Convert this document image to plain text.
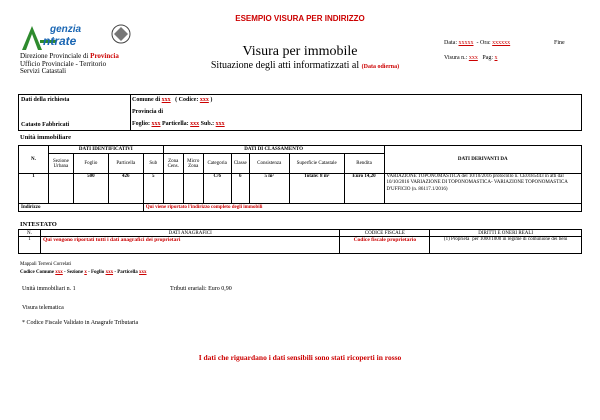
ESEMPIO VISURA PER INDIRIZZO
genzia
ntrate
Direzione Provinciale di Provincia
Ufficio Provinciale - Territorio
Servizi Catastali
Visura per immobile
Situazione degli atti informatizzati al (Data odierna)
Data: xxxxx - Ora: xxxxxx	Fine
Visura n.: xxx Pag: x
Dati della richiesta
Catasto Fabbricati
Comune di xxx ( Codice: xxx )
Provincia di
Foglio: xxx Particella: xxx Sub.: xxx
Unità immobiliare
N.	DATI IDENTIFICATIVI				DATI DI CLASSAMENTO							DATI DERIVANTI DA
	Sezione Urbana	Foglio	Particella	Sub	Zona Cens.	Micro Zona	Categoria	Classe	Consistenza	Superficie Catastale	Rendita	
1		500	426	5			C/6	6	5 m²	Totale: 8 m²	Euro 14,20	VARIAZIONE TOPONOMASTICA del 10/10/2016 protocollo n. CE0185443 in atti dal 10/10/2016 VARIAZIONE DI TOPONOMASTICA- VARIAZIONE TOPONOMASTICA D'UFFICIO (n. 86117.1/2016)
Indirizzo				Qui viene riportato l'indirizzo completo degli immobili								
INTESTATO
N.	DATI ANAGRAFICI	CODICE FISCALE	DIRITTI E ONERI REALI
1	Qui vengono riportati tutti i dati anagrafici dei proprietari	Codice fiscale proprietario	(1) Proprieta` per 1000/1000 in regime di comunione dei beni
Mappali Terreni Correlati
Codice Comune xxx - Sezione x - Foglio xxx - Particella xxx
Unità immobiliari n. 1	Tributi erariali: Euro 0,90
Visura telematica
* Codice Fiscale Validato in Anagrafe Tributaria
I dati che riguardano i dati sensibili sono stati ricoperti in rosso
